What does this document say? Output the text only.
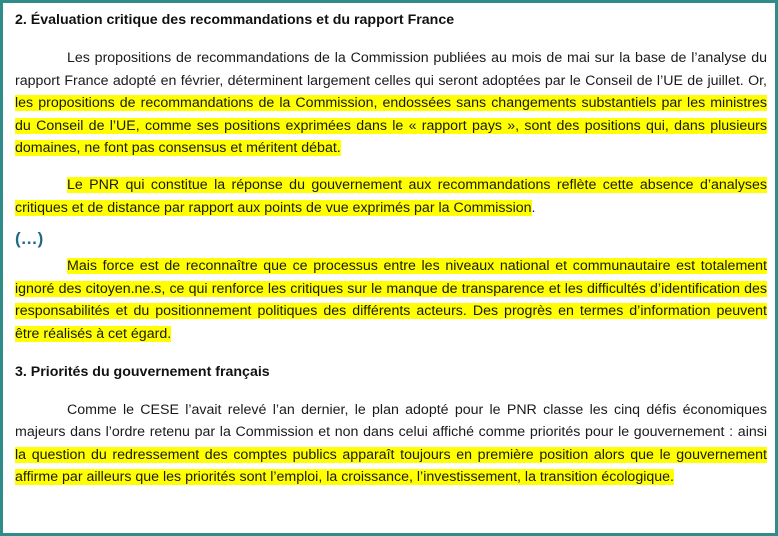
2. Évaluation critique des recommandations et du rapport France

Les propositions de recommandations de la Commission publiées au mois de mai sur la base de l’analyse du rapport France adopté en février, déterminent largement celles qui seront adoptées par le Conseil de l’UE de juillet. Or, les propositions de recommandations de la Commission, endossées sans changements substantiels par les ministres du Conseil de l’UE, comme ses positions exprimées dans le « rapport pays », sont des positions qui, dans plusieurs domaines, ne font pas consensus et méritent débat.

Le PNR qui constitue la réponse du gouvernement aux recommandations reflète cette absence d’analyses critiques et de distance par rapport aux points de vue exprimés par la Commission.

(…)

Mais force est de reconnaître que ce processus entre les niveaux national et communautaire est totalement ignoré des citoyen.ne.s, ce qui renforce les critiques sur le manque de transparence et les difficultés d’identification des responsabilités et du positionnement politiques des différents acteurs. Des progrès en termes d’information peuvent être réalisés à cet égard.

3. Priorités du gouvernement français

Comme le CESE l’avait relevé l’an dernier, le plan adopté pour le PNR classe les cinq défis économiques majeurs dans l’ordre retenu par la Commission et non dans celui affiché comme priorités pour le gouvernement : ainsi la question du redressement des comptes publics apparaît toujours en première position alors que le gouvernement affirme par ailleurs que les priorités sont l’emploi, la croissance, l’investissement, la transition écologique.
